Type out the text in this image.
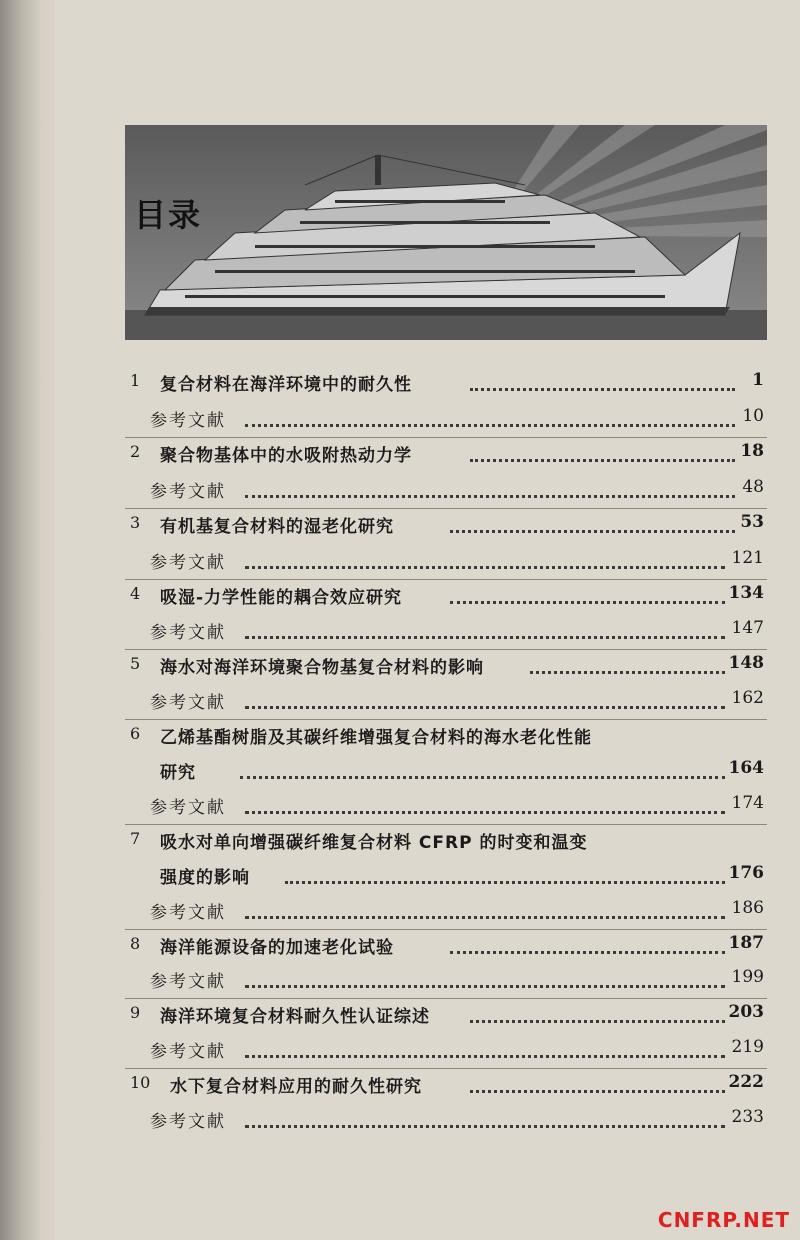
目录
1 复合材料在海洋环境中的耐久性	1
参考文献	10
2 聚合物基体中的水吸附热动力学	18
参考文献	48
3 有机基复合材料的湿老化研究	53
参考文献	121
4 吸湿-力学性能的耦合效应研究	134
参考文献	147
5 海水对海洋环境聚合物基复合材料的影响	148
参考文献	162
6 乙烯基酯树脂及其碳纤维增强复合材料的海水老化性能
研究	164
参考文献	174
7 吸水对单向增强碳纤维复合材料 CFRP 的时变和温变
强度的影响	176
参考文献	186
8 海洋能源设备的加速老化试验	187
参考文献	199
9 海洋环境复合材料耐久性认证综述	203
参考文献	219
10 水下复合材料应用的耐久性研究	222
参考文献	233
CNFRP.NET
